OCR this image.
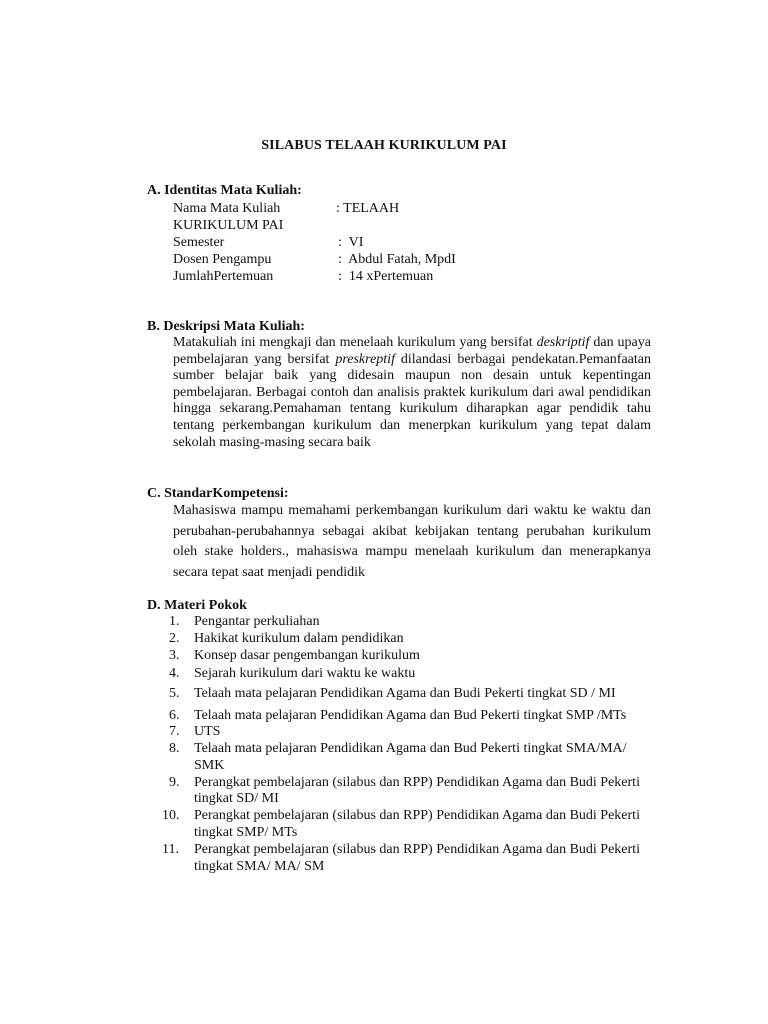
SILABUS TELAAH KURIKULUM PAI
A. Identitas Mata Kuliah:
Nama Mata Kuliah	: TELAAH
KURIKULUM PAI
Semester	:  VI
Dosen Pengampu	:  Abdul Fatah, MpdI
JumlahPertemuan	:  14 xPertemuan
B. Deskripsi Mata Kuliah:
Matakuliah ini mengkaji dan menelaah kurikulum yang bersifat deskriptif dan upaya pembelajaran yang bersifat preskreptif dilandasi berbagai pendekatan.Pemanfaatan sumber belajar baik yang didesain maupun non desain untuk kepentingan pembelajaran. Berbagai contoh dan analisis praktek kurikulum dari awal pendidikan hingga sekarang.Pemahaman tentang kurikulum diharapkan agar pendidik tahu tentang perkembangan kurikulum dan menerpkan kurikulum yang tepat dalam sekolah masing-masing secara baik
C. StandarKompetensi:
Mahasiswa mampu memahami perkembangan kurikulum dari waktu ke waktu dan perubahan-perubahannya sebagai akibat kebijakan tentang perubahan kurikulum oleh stake holders., mahasiswa mampu menelaah kurikulum dan menerapkanya secara tepat saat menjadi pendidik
D. Materi Pokok
1. Pengantar perkuliahan
2. Hakikat kurikulum dalam pendidikan
3. Konsep dasar pengembangan kurikulum
4. Sejarah kurikulum dari waktu ke waktu
5. Telaah mata pelajaran Pendidikan Agama dan Budi Pekerti tingkat SD / MI
6. Telaah mata pelajaran Pendidikan Agama dan Bud Pekerti tingkat SMP /MTs
7. UTS
8. Telaah mata pelajaran Pendidikan Agama dan Bud Pekerti tingkat SMA/MA/ SMK
9. Perangkat pembelajaran (silabus dan RPP) Pendidikan Agama dan Budi Pekerti tingkat SD/ MI
10. Perangkat pembelajaran (silabus dan RPP) Pendidikan Agama dan Budi Pekerti tingkat SMP/ MTs
11. Perangkat pembelajaran (silabus dan RPP) Pendidikan Agama dan Budi Pekerti tingkat SMA/ MA/ SM
